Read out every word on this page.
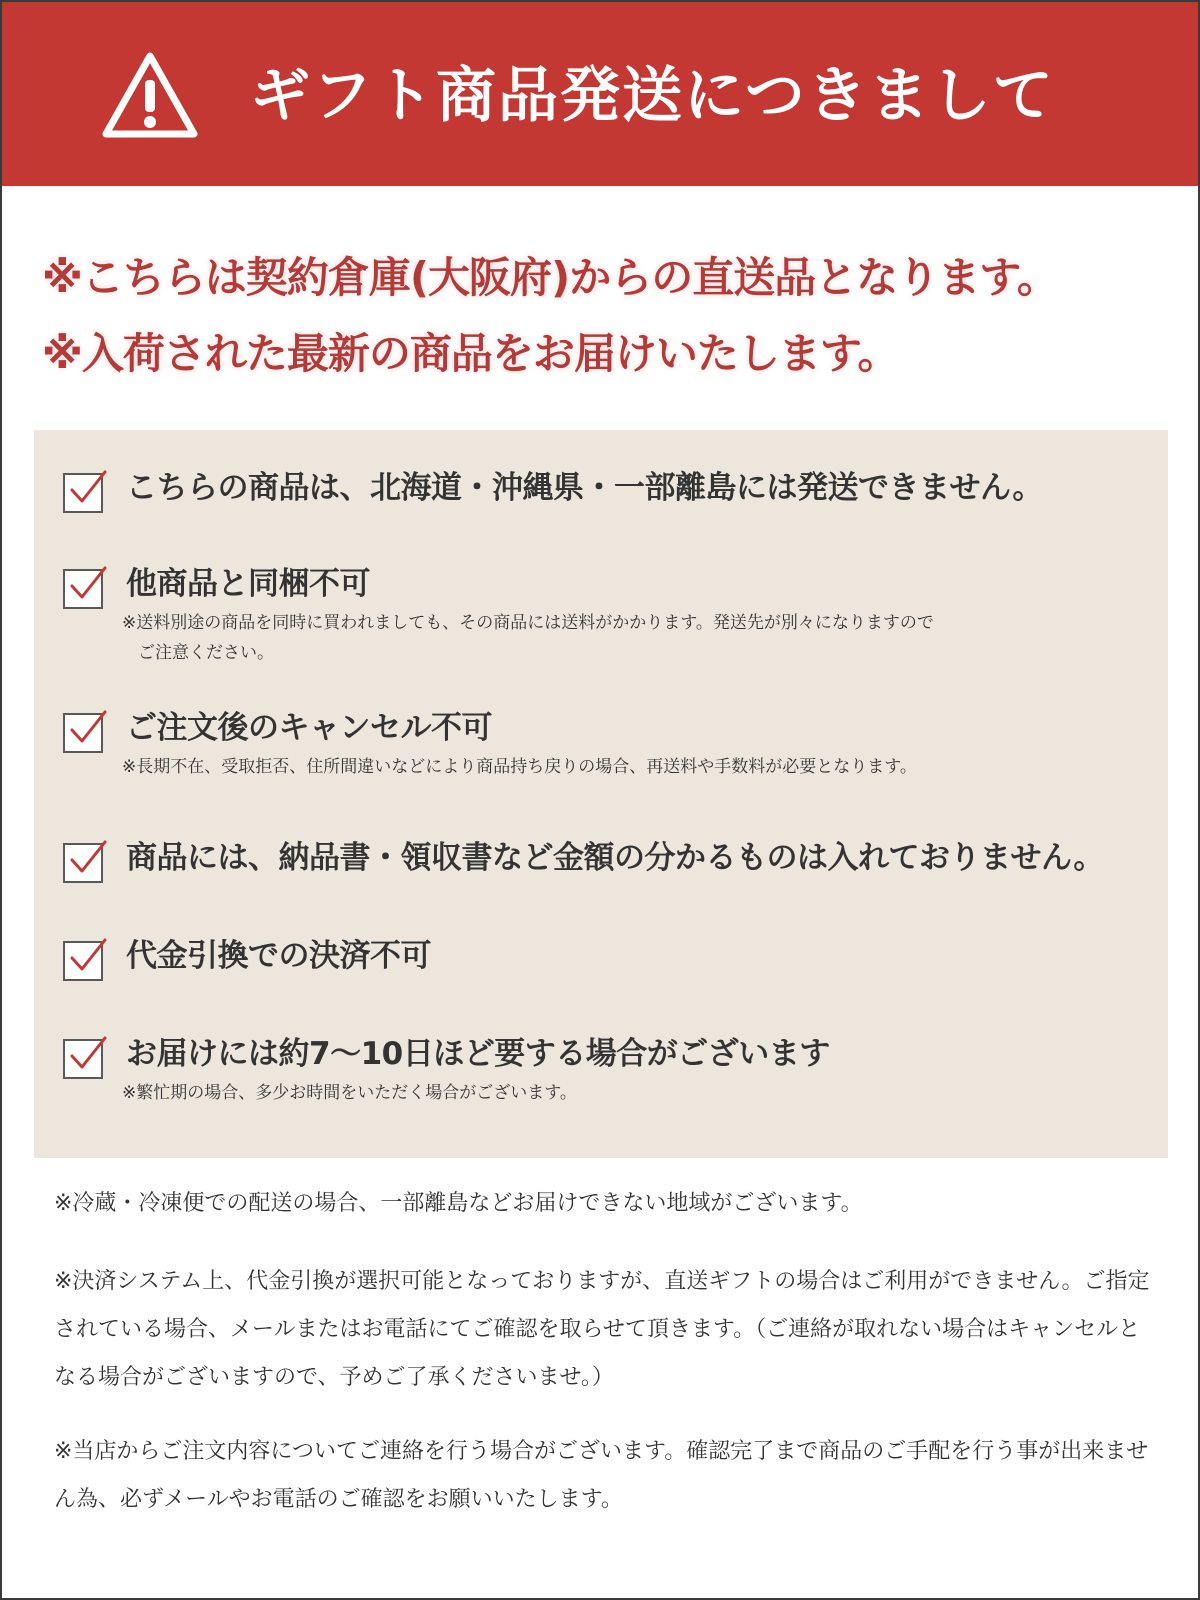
ギフト商品発送につきまして
※こちらは契約倉庫(大阪府)からの直送品となります。
※入荷された最新の商品をお届けいたします。
こちらの商品は、北海道・沖縄県・一部離島には発送できません。
他商品と同梱不可
※送料別途の商品を同時に買われましても、その商品には送料がかかります。発送先が別々になりますので
ご注意ください。
ご注文後のキャンセル不可
※長期不在、受取拒否、住所間違いなどにより商品持ち戻りの場合、再送料や手数料が必要となります。
商品には、納品書・領収書など金額の分かるものは入れておりません。
代金引換での決済不可
お届けには約7〜10日ほど要する場合がございます
※繁忙期の場合、多少お時間をいただく場合がございます。
※冷蔵・冷凍便での配送の場合、一部離島などお届けできない地域がございます。
※決済システム上、代金引換が選択可能となっておりますが、直送ギフトの場合はご利用ができません。ご指定されている場合、メールまたはお電話にてご確認を取らせて頂きます。（ご連絡が取れない場合はキャンセルとなる場合がございますので、予めご了承くださいませ。）
※当店からご注文内容についてご連絡を行う場合がございます。確認完了まで商品のご手配を行う事が出来ません為、必ずメールやお電話のご確認をお願いいたします。
